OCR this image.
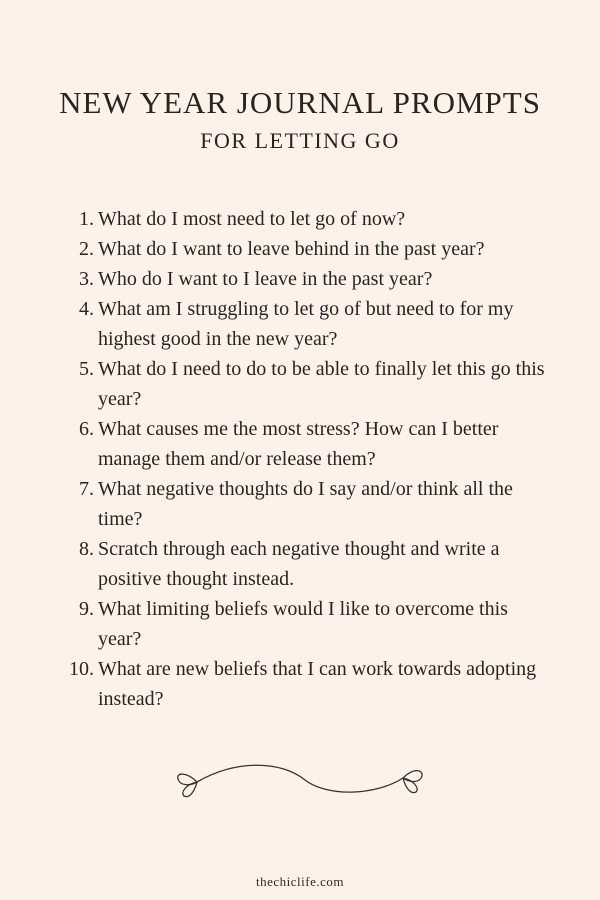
NEW YEAR JOURNAL PROMPTS
FOR LETTING GO
1. What do I most need to let go of now?
2. What do I want to leave behind in the past year?
3. Who do I want to I leave in the past year?
4. What am I struggling to let go of but need to for my highest good in the new year?
5. What do I need to do to be able to finally let this go this year?
6. What causes me the most stress? How can I better manage them and/or release them?
7. What negative thoughts do I say and/or think all the time?
8. Scratch through each negative thought and write a positive thought instead.
9. What limiting beliefs would I like to overcome this year?
10. What are new beliefs that I can work towards adopting instead?
thechiclife.com
